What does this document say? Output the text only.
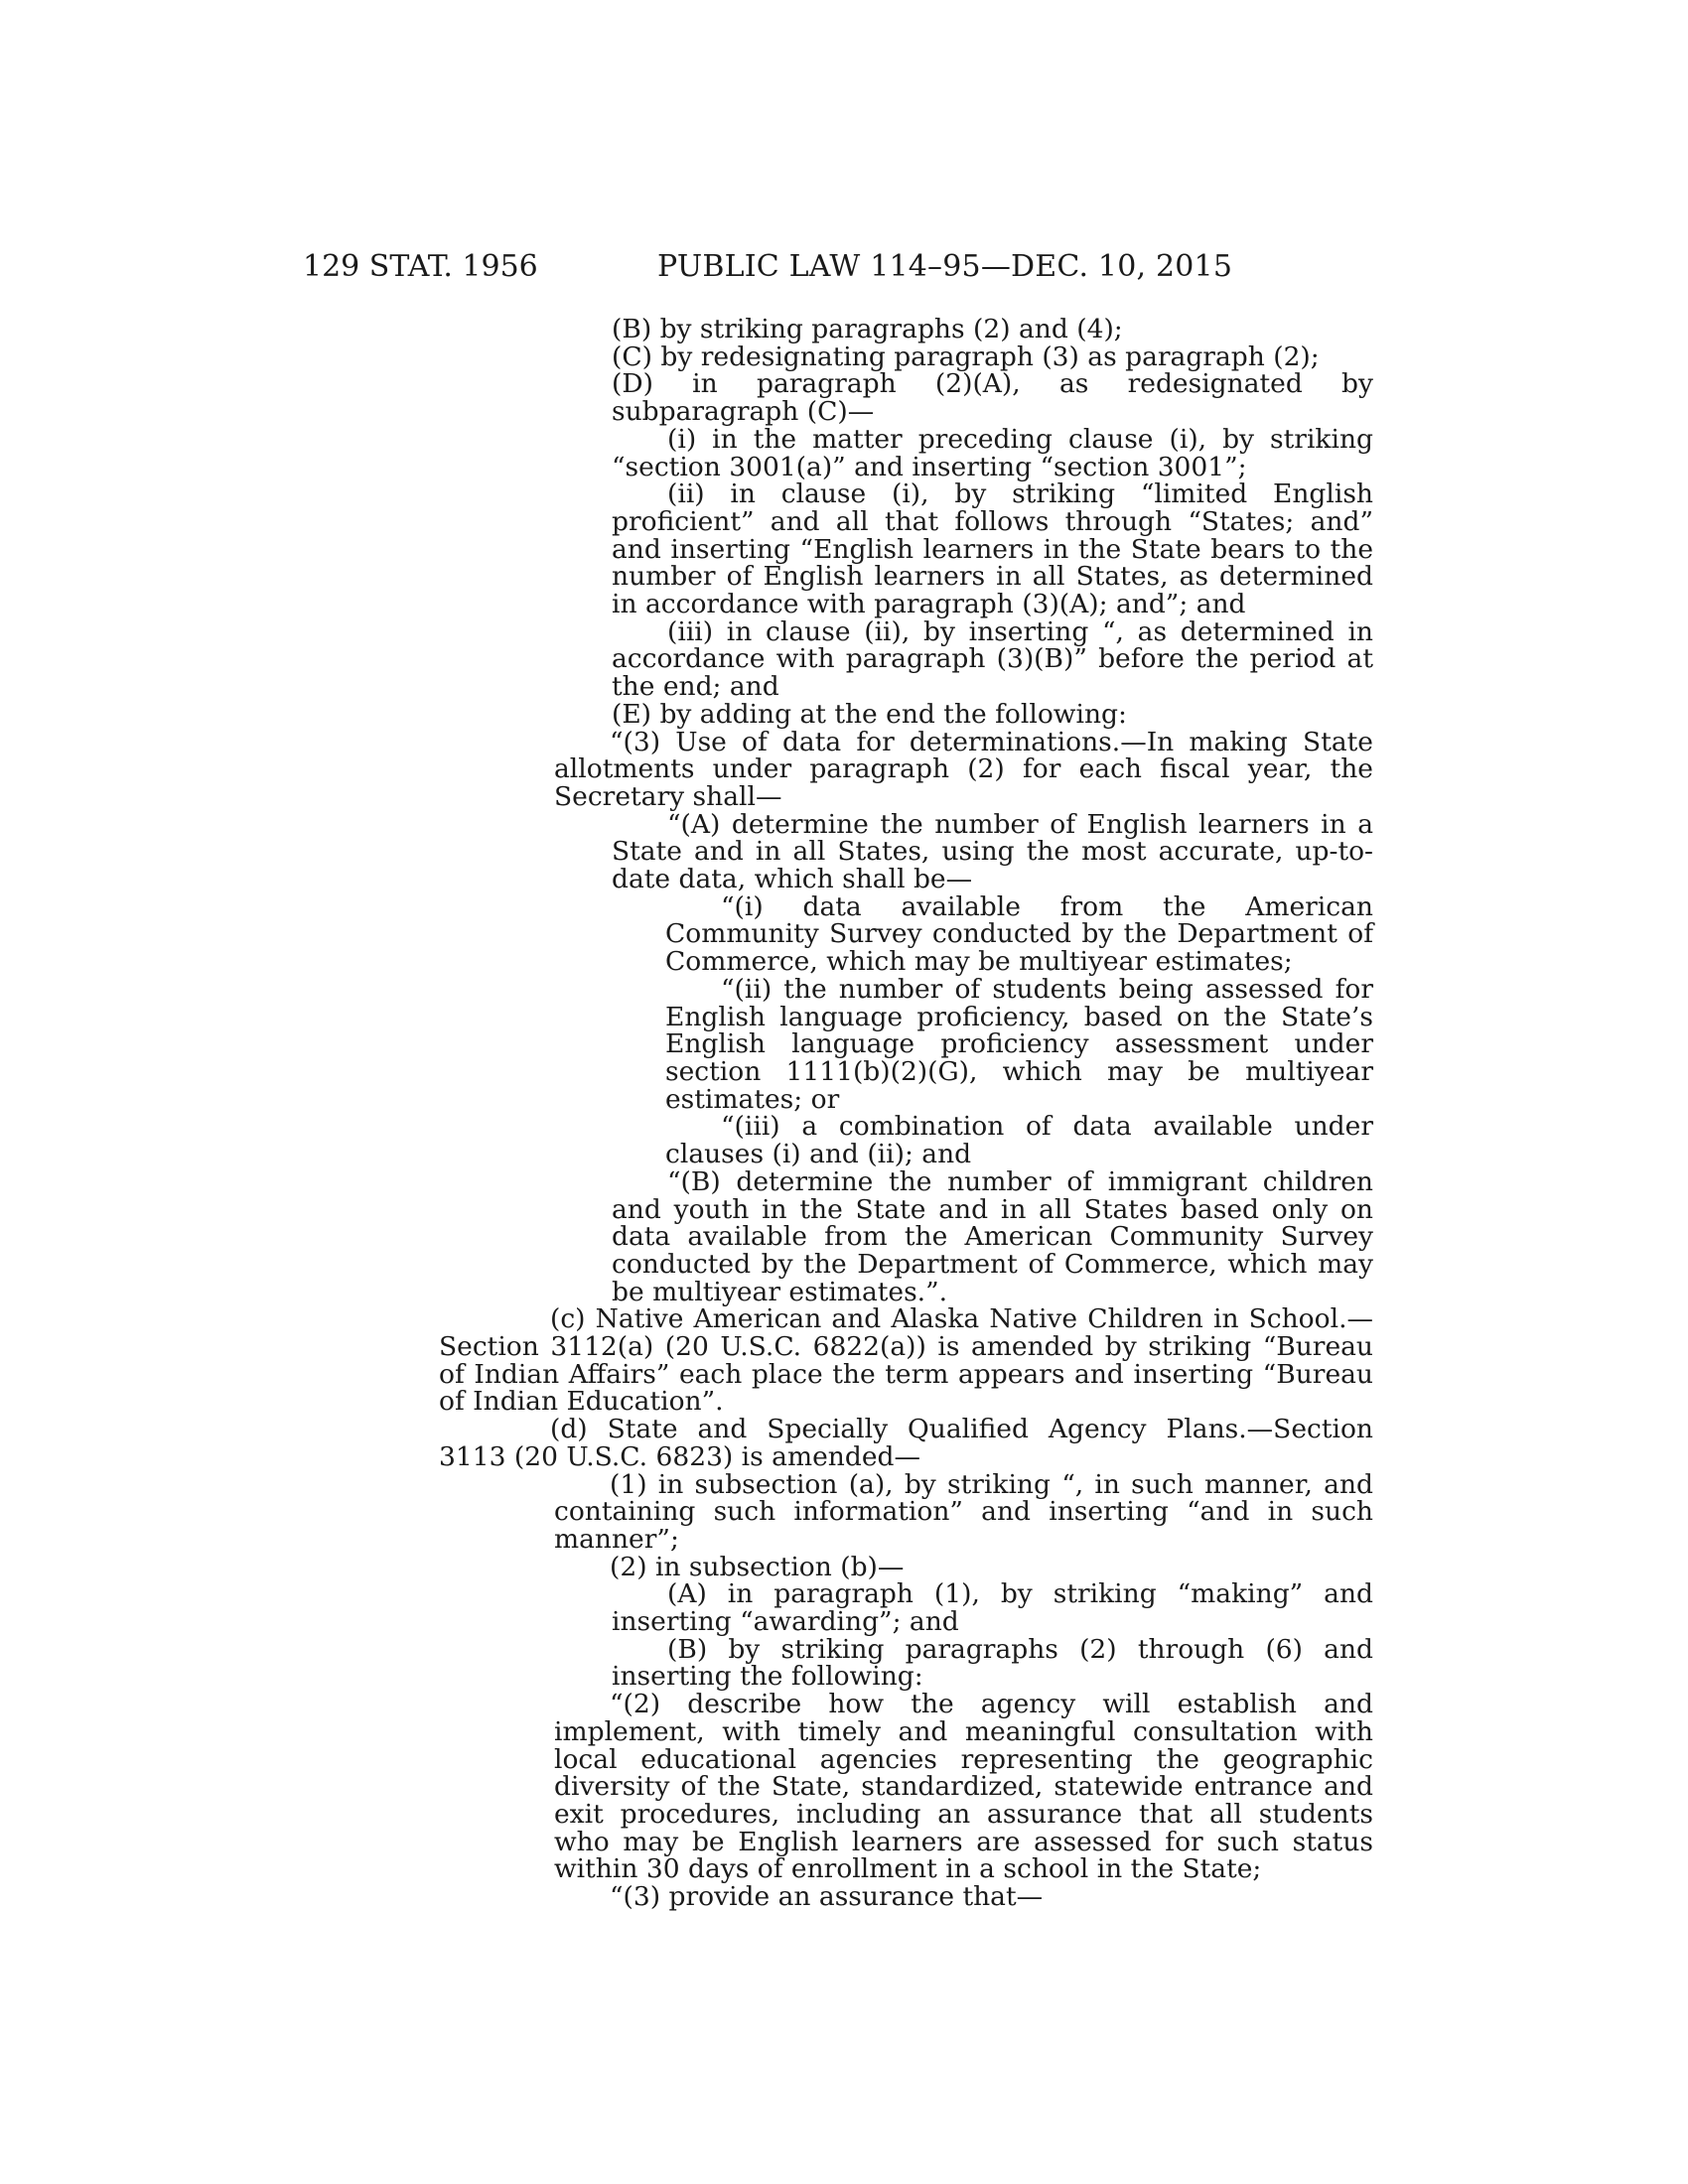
129 STAT. 1956	PUBLIC LAW 114–95—DEC. 10, 2015

(B) by striking paragraphs (2) and (4);

(C) by redesignating paragraph (3) as paragraph (2);

(D) in paragraph (2)(A), as redesignated by subparagraph (C)—

(i) in the matter preceding clause (i), by striking “section 3001(a)” and inserting “section 3001”;

(ii) in clause (i), by striking “limited English proficient” and all that follows through “States; and” and inserting “English learners in the State bears to the number of English learners in all States, as determined in accordance with paragraph (3)(A); and”; and

(iii) in clause (ii), by inserting “, as determined in accordance with paragraph (3)(B)” before the period at the end; and

(E) by adding at the end the following:

“(3) Use of data for determinations.—In making State allotments under paragraph (2) for each fiscal year, the Secretary shall—

“(A) determine the number of English learners in a State and in all States, using the most accurate, up-to-date data, which shall be—

“(i) data available from the American Community Survey conducted by the Department of Commerce, which may be multiyear estimates;

“(ii) the number of students being assessed for English language proficiency, based on the State’s English language proficiency assessment under section 1111(b)(2)(G), which may be multiyear estimates; or

“(iii) a combination of data available under clauses (i) and (ii); and

“(B) determine the number of immigrant children and youth in the State and in all States based only on data available from the American Community Survey conducted by the Department of Commerce, which may be multiyear estimates.”.

(c) Native American and Alaska Native Children in School.—Section 3112(a) (20 U.S.C. 6822(a)) is amended by striking “Bureau of Indian Affairs” each place the term appears and inserting “Bureau of Indian Education”.

(d) State and Specially Qualified Agency Plans.—Section 3113 (20 U.S.C. 6823) is amended—

(1) in subsection (a), by striking “, in such manner, and containing such information” and inserting “and in such manner”;

(2) in subsection (b)—

(A) in paragraph (1), by striking “making” and inserting “awarding”; and

(B) by striking paragraphs (2) through (6) and inserting the following:

“(2) describe how the agency will establish and implement, with timely and meaningful consultation with local educational agencies representing the geographic diversity of the State, standardized, statewide entrance and exit procedures, including an assurance that all students who may be English learners are assessed for such status within 30 days of enrollment in a school in the State;

“(3) provide an assurance that—
